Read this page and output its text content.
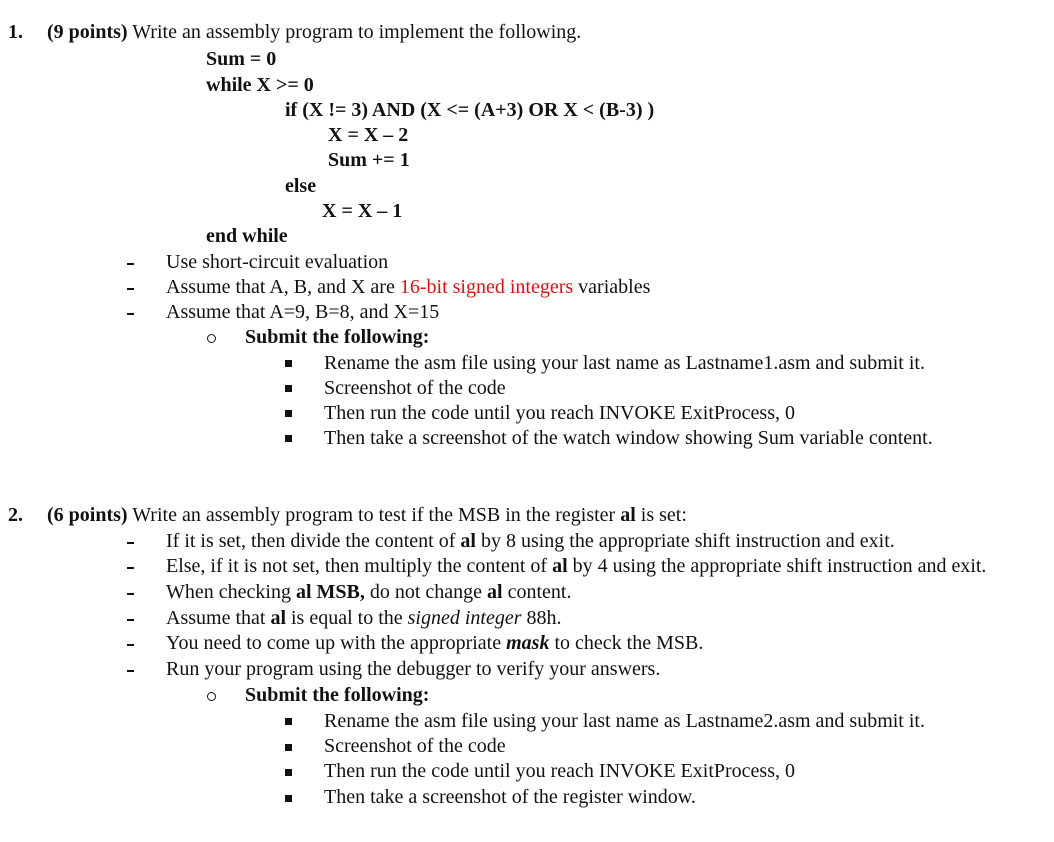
1. (9 points) Write an assembly program to implement the following.
Sum = 0
while X >= 0
if (X != 3) AND (X <= (A+3) OR X < (B-3) )
X = X – 2
Sum += 1
else
X = X – 1
end while
Use short-circuit evaluation
Assume that A, B, and X are 16-bit signed integers variables
Assume that A=9, B=8, and X=15
Submit the following:
Rename the asm file using your last name as Lastname1.asm and submit it.
Screenshot of the code
Then run the code until you reach INVOKE ExitProcess, 0
Then take a screenshot of the watch window showing Sum variable content.
2. (6 points) Write an assembly program to test if the MSB in the register al is set:
If it is set, then divide the content of al by 8 using the appropriate shift instruction and exit.
Else, if it is not set, then multiply the content of al by 4 using the appropriate shift instruction and exit.
When checking al MSB, do not change al content.
Assume that al is equal to the signed integer 88h.
You need to come up with the appropriate mask to check the MSB.
Run your program using the debugger to verify your answers.
Submit the following:
Rename the asm file using your last name as Lastname2.asm and submit it.
Screenshot of the code
Then run the code until you reach INVOKE ExitProcess, 0
Then take a screenshot of the register window.
